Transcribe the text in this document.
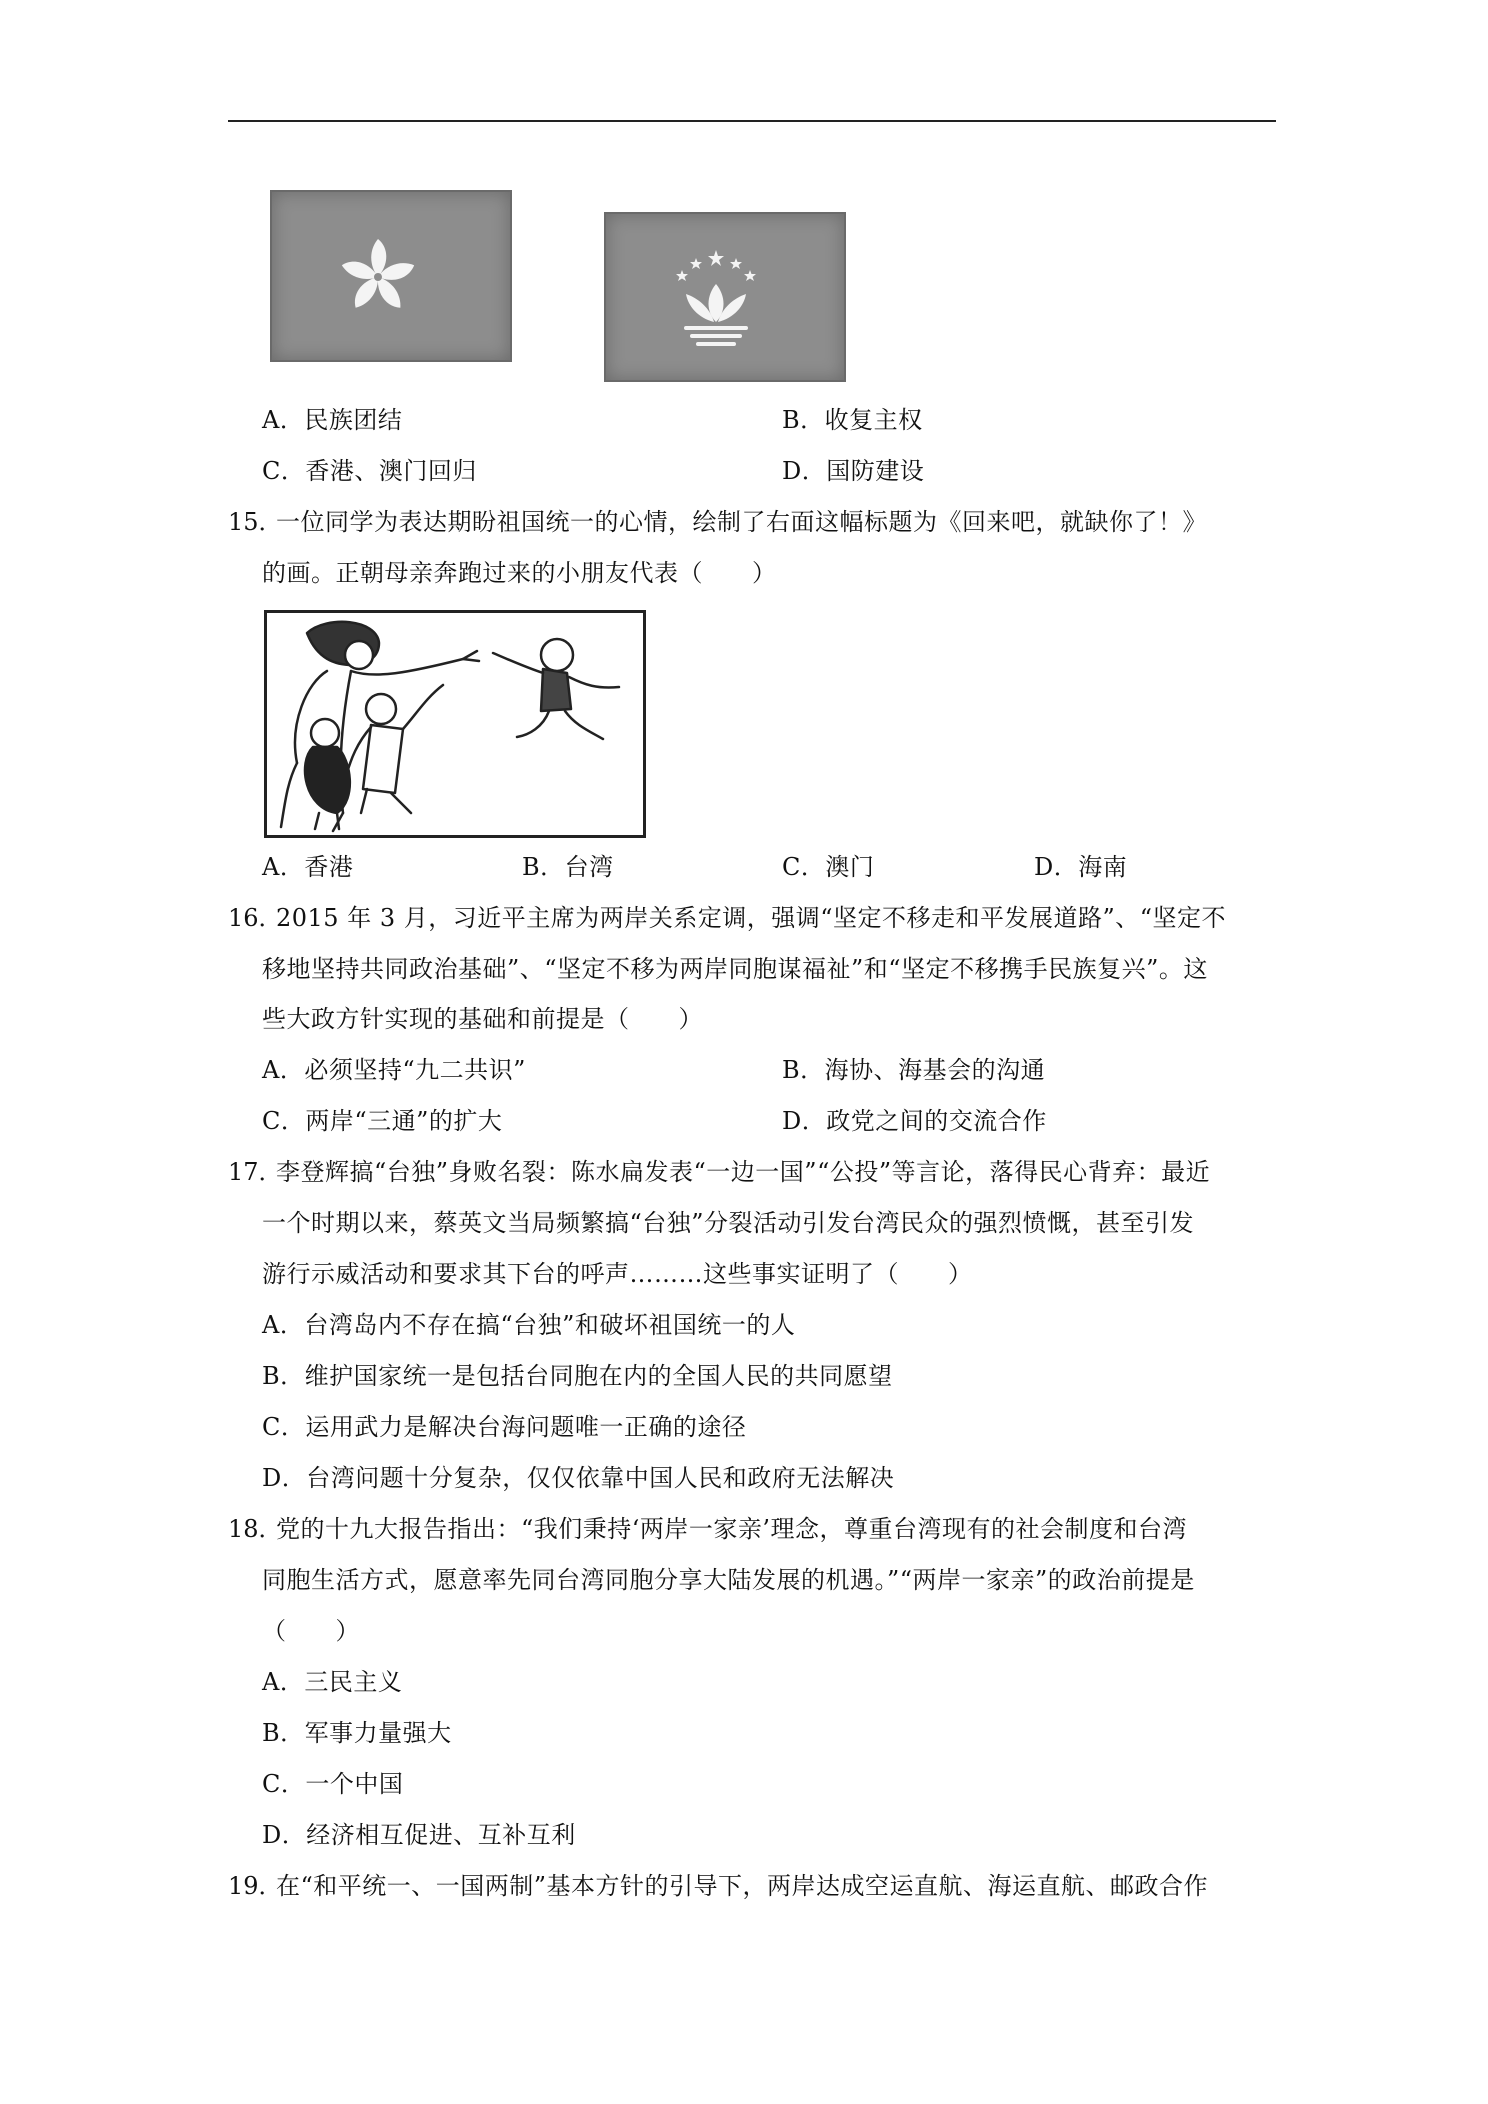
A．民族团结	B．收复主权
C．香港、澳门回归	D．国防建设
15．
一位同学为表达期盼祖国统一的心情，绘制了右面这幅标题为《回来吧，就缺你了！》
的画。正朝母亲奔跑过来的小朋友代表（　　）
A．香港	B．台湾	C．澳门	D．海南
16．
2015 年 3 月，习近平主席为两岸关系定调，强调“坚定不移走和平发展道路”、“坚定不
移地坚持共同政治基础”、“坚定不移为两岸同胞谋福祉”和“坚定不移携手民族复兴”。这
些大政方针实现的基础和前提是（　　）
A．必须坚持“九二共识”	B．海协、海基会的沟通
C．两岸“三通”的扩大	D．政党之间的交流合作
17．
李登辉搞“台独”身败名裂：陈水扁发表“一边一国”“公投”等言论，落得民心背弃：最近
一个时期以来，蔡英文当局频繁搞“台独”分裂活动引发台湾民众的强烈愤慨，甚至引发
游行示威活动和要求其下台的呼声………这些事实证明了（　　）
A．台湾岛内不存在搞“台独”和破坏祖国统一的人
B．维护国家统一是包括台同胞在内的全国人民的共同愿望
C．运用武力是解决台海问题唯一正确的途径
D．台湾问题十分复杂，仅仅依靠中国人民和政府无法解决
18．
党的十九大报告指出：“我们秉持‘两岸一家亲’理念，尊重台湾现有的社会制度和台湾
同胞生活方式，愿意率先同台湾同胞分享大陆发展的机遇。”“两岸一家亲”的政治前提是
（　　）
A．三民主义
B．军事力量强大
C．一个中国
D．经济相互促进、互补互利
19．
在“和平统一、一国两制”基本方针的引导下，两岸达成空运直航、海运直航、邮政合作
